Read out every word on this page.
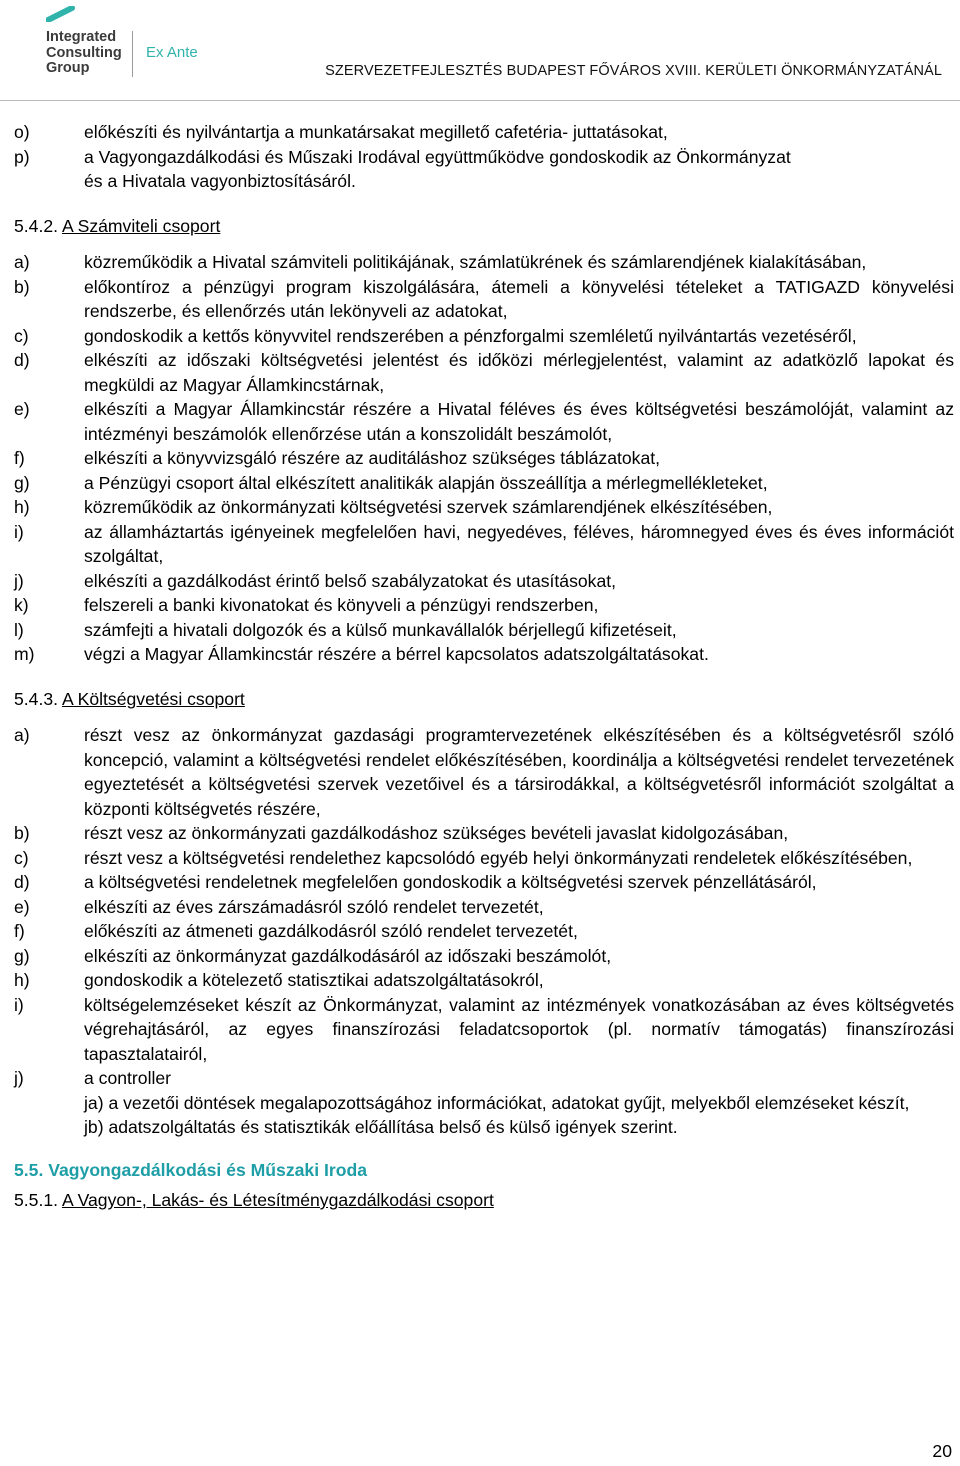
Integrated
Consulting
Group
Ex Ante
SZERVEZETFEJLESZTÉS BUDAPEST FŐVÁROS XVIII. KERÜLETI ÖNKORMÁNYZATÁNÁL
o)	előkészíti és nyilvántartja a munkatársakat megillető cafetéria- juttatásokat,
p)	a Vagyongazdálkodási és Műszaki Irodával együttműködve gondoskodik az Önkormányzat
és a Hivatala vagyonbiztosításáról.
5.4.2. A Számviteli csoport
a)	közreműködik a Hivatal számviteli politikájának, számlatükrének és számlarendjének kialakításában,
b)	előkontíroz a pénzügyi program kiszolgálására, átemeli a könyvelési tételeket a TATIGAZD könyvelési rendszerbe, és ellenőrzés után lekönyveli az adatokat,
c)	gondoskodik a kettős könyvvitel rendszerében a pénzforgalmi szemléletű nyilvántartás vezetéséről,
d)	elkészíti az időszaki költségvetési jelentést és időközi mérlegjelentést, valamint az adatközlő lapokat és megküldi az Magyar Államkincstárnak,
e)	elkészíti a Magyar Államkincstár részére a Hivatal féléves és éves költségvetési beszámolóját, valamint az intézményi beszámolók ellenőrzése után a konszolidált beszámolót,
f)	elkészíti a könyvvizsgáló részére az auditáláshoz szükséges táblázatokat,
g)	a Pénzügyi csoport által elkészített analitikák alapján összeállítja a mérlegmellékleteket,
h)	közreműködik az önkormányzati költségvetési szervek számlarendjének elkészítésében,
i)	az államháztartás igényeinek megfelelően havi, negyedéves, féléves, háromnegyed éves és éves információt szolgáltat,
j)	elkészíti a gazdálkodást érintő belső szabályzatokat és utasításokat,
k)	felszereli a banki kivonatokat és könyveli a pénzügyi rendszerben,
l)	számfejti a hivatali dolgozók és a külső munkavállalók bérjellegű kifizetéseit,
m)	végzi a Magyar Államkincstár részére a bérrel kapcsolatos adatszolgáltatásokat.
5.4.3. A Költségvetési csoport
a)	részt vesz az önkormányzat gazdasági programtervezetének elkészítésében és a költségvetésről szóló koncepció, valamint a költségvetési rendelet előkészítésében, koordinálja a költségvetési rendelet tervezetének egyeztetését a költségvetési szervek vezetőivel és a társirodákkal, a költségvetésről információt szolgáltat a központi költségvetés részére,
b)	részt vesz az önkormányzati gazdálkodáshoz szükséges bevételi javaslat kidolgozásában,
c)	részt vesz a költségvetési rendelethez kapcsolódó egyéb helyi önkormányzati rendeletek előkészítésében,
d)	a költségvetési rendeletnek megfelelően gondoskodik a költségvetési szervek pénzellátásáról,
e)	elkészíti az éves zárszámadásról szóló rendelet tervezetét,
f)	előkészíti az átmeneti gazdálkodásról szóló rendelet tervezetét,
g)	elkészíti az önkormányzat gazdálkodásáról az időszaki beszámolót,
h)	gondoskodik a kötelezető statisztikai adatszolgáltatásokról,
i)	költségelemzéseket készít az Önkormányzat, valamint az intézmények vonatkozásában az éves költségvetés végrehajtásáról, az egyes finanszírozási feladatcsoportok (pl. normatív támogatás) finanszírozási tapasztalatairól,
j)	a controller
ja) a vezetői döntések megalapozottságához információkat, adatokat gyűjt, melyekből elemzéseket készít,
jb) adatszolgáltatás és statisztikák előállítása belső és külső igények szerint.
5.5. Vagyongazdálkodási és Műszaki Iroda
5.5.1. A Vagyon-, Lakás- és Létesítménygazdálkodási csoport
20
